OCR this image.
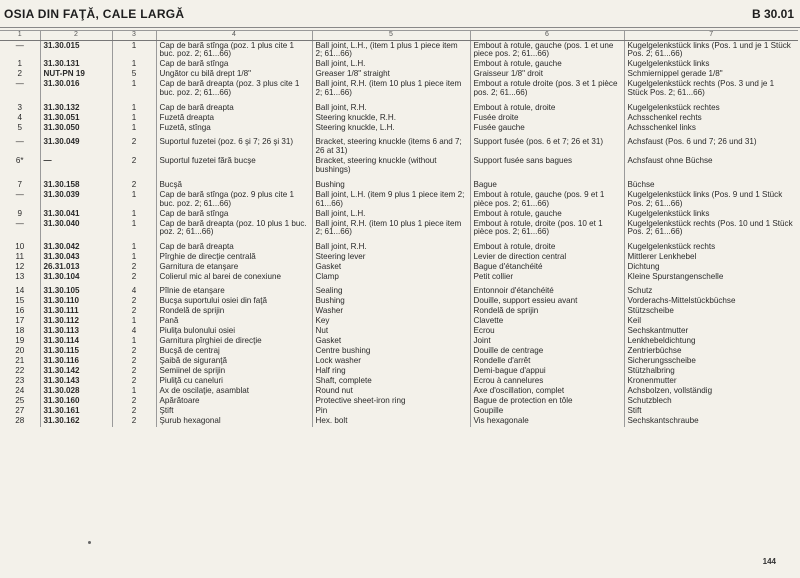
OSIA DIN FAŢĂ, CALE LARGĂ	B 30.01
1	2	3	4	5	6	7
—	31.30.015	1	Cap de bară stînga (poz. 1 plus cite 1 buc. poz. 2; 61...66)	Ball joint, L.H., (item 1 plus 1 piece item 2; 61...66)	Embout à rotule, gauche (pos. 1 et une piece pos. 2; 61...66)	Kugelgelenkstück links (Pos. 1 und je 1 Stück Pos. 2; 61...66)
1	31.30.131	1	Cap de bară stînga	Ball joint, L.H.	Embout à rotule, gauche	Kugelgelenkstück links
2	NUT-PN 19	5	Ungător cu bilă drept 1/8"	Greaser 1/8" straight	Graisseur 1/8" droit	Schmiernippel gerade 1/8"
—	31.30.016	1	Cap de bară dreapta (poz. 3 plus cite 1 buc. poz. 2; 61...66)	Ball joint, R.H. (item 10 plus 1 piece item 2; 61...66)	Embout a rotule droite (pos. 3 et 1 pièce pos. 2; 61...66)	Kugelgelenkstück rechts (Pos. 3 und je 1 Stück Pos. 2; 61...66)
3	31.30.132	1	Cap de bară dreapta	Ball joint, R.H.	Embout à rotule, droite	Kugelgelenkstück rechtes
4	31.30.051	1	Fuzetă dreapta	Steering knuckle, R.H.	Fusée droite	Achsschenkel rechts
5	31.30.050	1	Fuzetă, stînga	Steering knuckle, L.H.	Fusée gauche	Achsschenkel links
—	31.30.049	2	Suportul fuzetei (poz. 6 şi 7; 26 şi 31)	Bracket, steering knuckle (items 6 and 7; 26 at 31)	Support fusée (pos. 6 et 7; 26 et 31)	Achsfaust (Pos. 6 und 7; 26 und 31)
6*	—	2	Suportul fuzetei fără bucşe	Bracket, steering knuckle (without bushings)	Support fusée sans bagues	Achsfaust ohne Büchse
7	31.30.158	2	Bucşă	Bushing	Bague	Büchse
—	31.30.039	1	Cap de bară stînga (poz. 9 plus cite 1 buc. poz. 2; 61...66)	Ball joint, L.H. (item 9 plus 1 piece item 2; 61...66)	Embout à rotule, gauche (pos. 9 et 1 pièce pos. 2; 61...66)	Kugelgelenkstück links (Pos. 9 und 1 Stück Pos. 2; 61...66)
9	31.30.041	1	Cap de bară stînga	Ball joint, L.H.	Embout à rotule, gauche	Kugelgelenkstück links
—	31.30.040	1	Cap de bară dreapta (poz. 10 plus 1 buc. poz. 2; 61...66)	Ball joint, R.H. (item 10 plus 1 piece item 2; 61...66)	Embout à rotule, droite (pos. 10 et 1 pièce pos. 2; 61...66)	Kugelgelenkstück rechts (Pos. 10 und 1 Stück Pos. 2; 61...66)
10	31.30.042	1	Cap de bară dreapta	Ball joint, R.H.	Embout à rotule, droite	Kugelgelenkstück rechts
11	31.30.043	1	Pîrghie de direcţie centrală	Steering lever	Levier de direction central	Mittlerer Lenkhebel
12	26.31.013	2	Garnitura de etanşare	Gasket	Bague d'étanchéité	Dichtung
13	31.30.104	2	Colierul mic al barei de conexiune	Clamp	Petit collier	Kleine Spurstangenschelle
14	31.30.105	4	Pîlnie de etanşare	Sealing	Entonnoir d'étanchéité	Schutz
15	31.30.110	2	Bucşa suportului osiei din faţă	Bushing	Douille, support essieu avant	Vorderachs-Mittelstückbüchse
16	31.30.111	2	Rondelă de sprijin	Washer	Rondelă de sprijin	Stützscheibe
17	31.30.112	1	Pană	Key	Clavette	Keil
18	31.30.113	4	Piuliţa bulonului osiei	Nut	Ecrou	Sechskantmutter
19	31.30.114	1	Garnitura pîrghiei de direcţie	Gasket	Joint	Lenkhebeldichtung
20	31.30.115	2	Bucşă de centraj	Centre bushing	Douille de centrage	Zentrierbüchse
21	31.30.116	2	Şaibă de siguranţă	Lock washer	Rondelle d'arrêt	Sicherungsscheibe
22	31.30.142	2	Semiinel de sprijin	Half ring	Demi-bague d'appui	Stützhalbring
23	31.30.143	2	Piuliţă cu caneluri	Shaft, complete	Ecrou à cannelures	Kronenmutter
24	31.30.028	1	Ax de oscilaţie, asamblat	Round nut	Axe d'oscillation, complet	Achsbolzen, vollständig
25	31.30.160	2	Apărătoare	Protective sheet-iron ring	Bague de protection en tôle	Schutzblech
27	31.30.161	2	Ştift	Pin	Goupille	Stift
28	31.30.162	2	Şurub hexagonal	Hex. bolt	Vis hexagonale	Sechskantschraube
144
